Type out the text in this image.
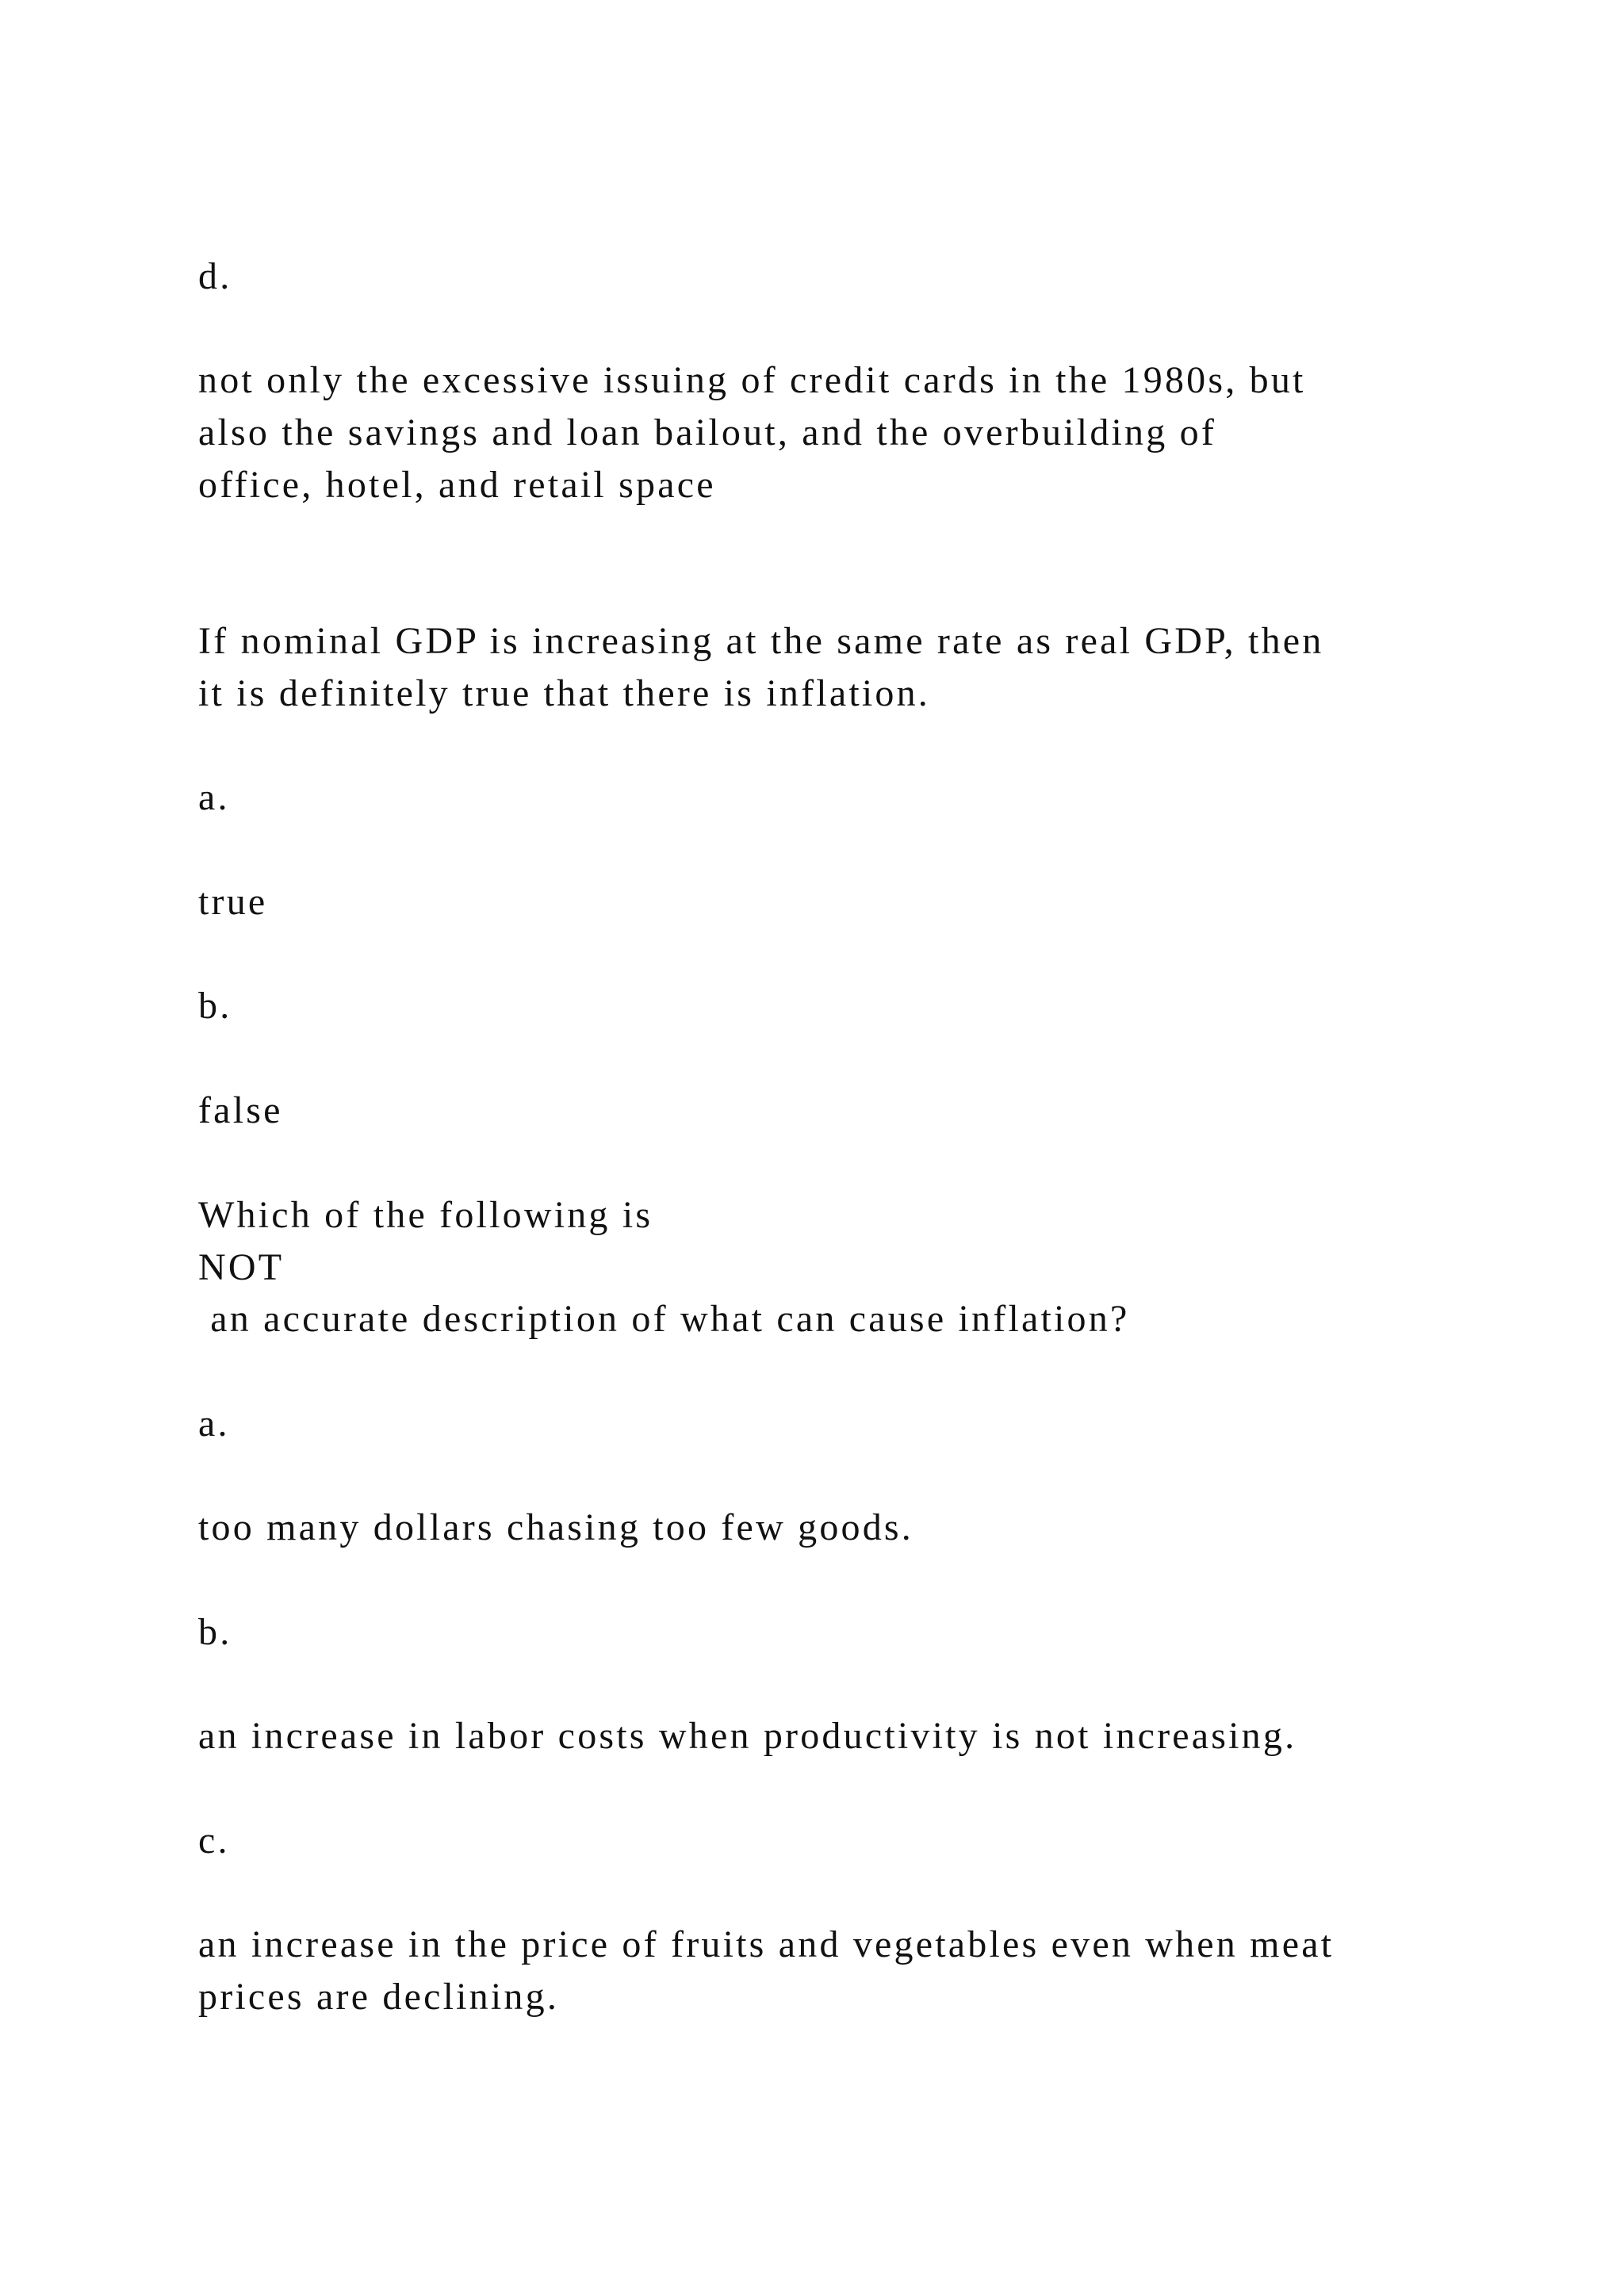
d.

not only the excessive issuing of credit cards in the 1980s, but

also the savings and loan bailout, and the overbuilding of

office, hotel, and retail space

If nominal GDP is increasing at the same rate as real GDP, then

it is definitely true that there is inflation.

a.

true

b.

false

Which of the following is

NOT

an accurate description of what can cause inflation?

a.

too many dollars chasing too few goods.

b.

an increase in labor costs when productivity is not increasing.

c.

an increase in the price of fruits and vegetables even when meat

prices are declining.
